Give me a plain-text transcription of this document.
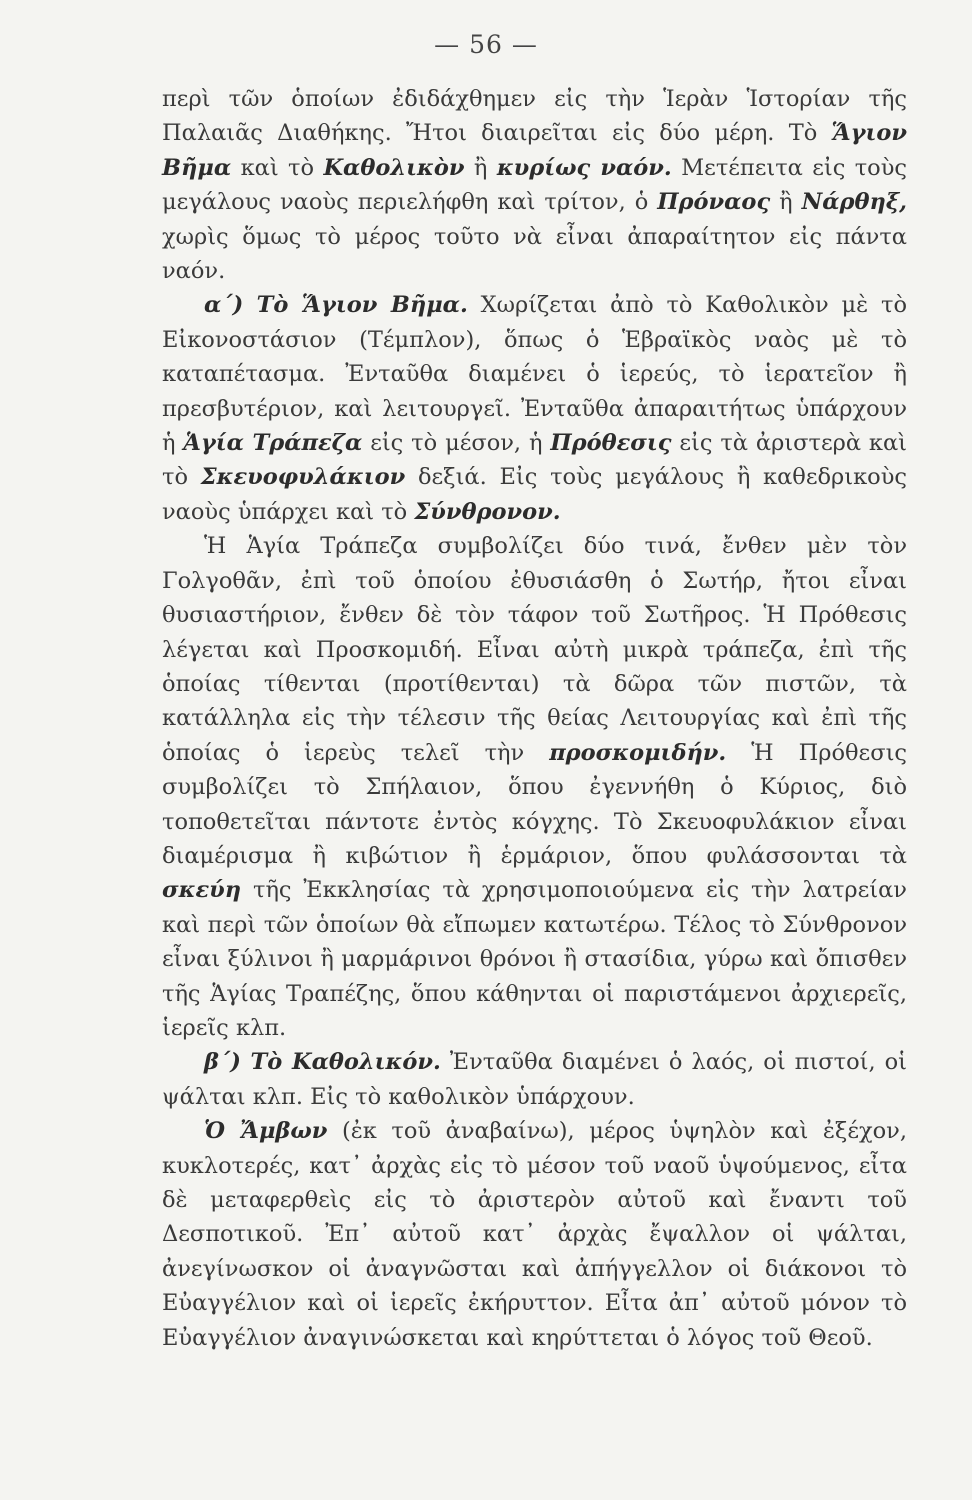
— 56 —

περὶ τῶν ὁποίων ἐδιδάχθημεν εἰς τὴν Ἱερὰν Ἱστορίαν τῆς Παλαιᾶς Διαθήκης. Ἤτοι διαιρεῖται εἰς δύο μέρη. Τὸ Ἅγιον Βῆμα καὶ τὸ Καθολικὸν ἢ κυρίως ναόν. Μετέπειτα εἰς τοὺς μεγάλους ναοὺς περιελήφθη καὶ τρίτον, ὁ Πρόναος ἢ Νάρθηξ, χωρὶς ὅμως τὸ μέρος τοῦτο νὰ εἶναι ἀπαραίτητον εἰς πάντα ναόν.

α΄) Τὸ Ἅγιον Βῆμα. Χωρίζεται ἀπὸ τὸ Καθολικὸν μὲ τὸ Εἰκονοστάσιον (Τέμπλον), ὅπως ὁ Ἑβραϊκὸς ναὸς μὲ τὸ καταπέτασμα. Ἐνταῦθα διαμένει ὁ ἱερεύς, τὸ ἱερατεῖον ἢ πρεσβυτέριον, καὶ λειτουργεῖ. Ἐνταῦθα ἀπαραιτήτως ὑπάρχουν ἡ Ἁγία Τράπεζα εἰς τὸ μέσον, ἡ Πρόθεσις εἰς τὰ ἀριστερὰ καὶ τὸ Σκευοφυλάκιον δεξιά. Εἰς τοὺς μεγάλους ἢ καθεδρικοὺς ναοὺς ὑπάρχει καὶ τὸ Σύνθρονον.

Ἡ Ἁγία Τράπεζα συμβολίζει δύο τινά, ἔνθεν μὲν τὸν Γολγοθᾶν, ἐπὶ τοῦ ὁποίου ἐθυσιάσθη ὁ Σωτήρ, ἤτοι εἶναι θυσιαστήριον, ἔνθεν δὲ τὸν τάφον τοῦ Σωτῆρος. Ἡ Πρόθεσις λέγεται καὶ Προσκομιδή. Εἶναι αὐτὴ μικρὰ τράπεζα, ἐπὶ τῆς ὁποίας τίθενται (προτίθενται) τὰ δῶρα τῶν πιστῶν, τὰ κατάλληλα εἰς τὴν τέλεσιν τῆς θείας Λειτουργίας καὶ ἐπὶ τῆς ὁποίας ὁ ἱερεὺς τελεῖ τὴν προσκομιδήν. Ἡ Πρόθεσις συμβολίζει τὸ Σπήλαιον, ὅπου ἐγεννήθη ὁ Κύριος, διὸ τοποθετεῖται πάντοτε ἐντὸς κόγχης. Τὸ Σκευοφυλάκιον εἶναι διαμέρισμα ἢ κιβώτιον ἢ ἑρμάριον, ὅπου φυλάσσονται τὰ σκεύη τῆς Ἐκκλησίας τὰ χρησιμοποιούμενα εἰς τὴν λατρείαν καὶ περὶ τῶν ὁποίων θὰ εἴπωμεν κατωτέρω. Τέλος τὸ Σύνθρονον εἶναι ξύλινοι ἢ μαρμάρινοι θρόνοι ἢ στασίδια, γύρω καὶ ὄπισθεν τῆς Ἁγίας Τραπέζης, ὅπου κάθηνται οἱ παριστάμενοι ἀρχιερεῖς, ἱερεῖς κλπ.

β΄) Τὸ Καθολικόν. Ἐνταῦθα διαμένει ὁ λαός, οἱ πιστοί, οἱ ψάλται κλπ. Εἰς τὸ καθολικὸν ὑπάρχουν.

Ὁ Ἄμβων (ἐκ τοῦ ἀναβαίνω), μέρος ὑψηλὸν καὶ ἐξέχον, κυκλοτερές, κατ᾿ ἀρχὰς εἰς τὸ μέσον τοῦ ναοῦ ὑψούμενος, εἶτα δὲ μεταφερθεὶς εἰς τὸ ἀριστερὸν αὐτοῦ καὶ ἔναντι τοῦ Δεσποτικοῦ. Ἐπ᾿ αὐτοῦ κατ᾿ ἀρχὰς ἔψαλλον οἱ ψάλται, ἀνεγίνωσκον οἱ ἀναγνῶσται καὶ ἀπήγγελλον οἱ διάκονοι τὸ Εὐαγγέλιον καὶ οἱ ἱερεῖς ἐκήρυττον. Εἶτα ἀπ᾿ αὐτοῦ μόνον τὸ Εὐαγγέλιον ἀναγινώσκεται καὶ κηρύττεται ὁ λόγος τοῦ Θεοῦ.
